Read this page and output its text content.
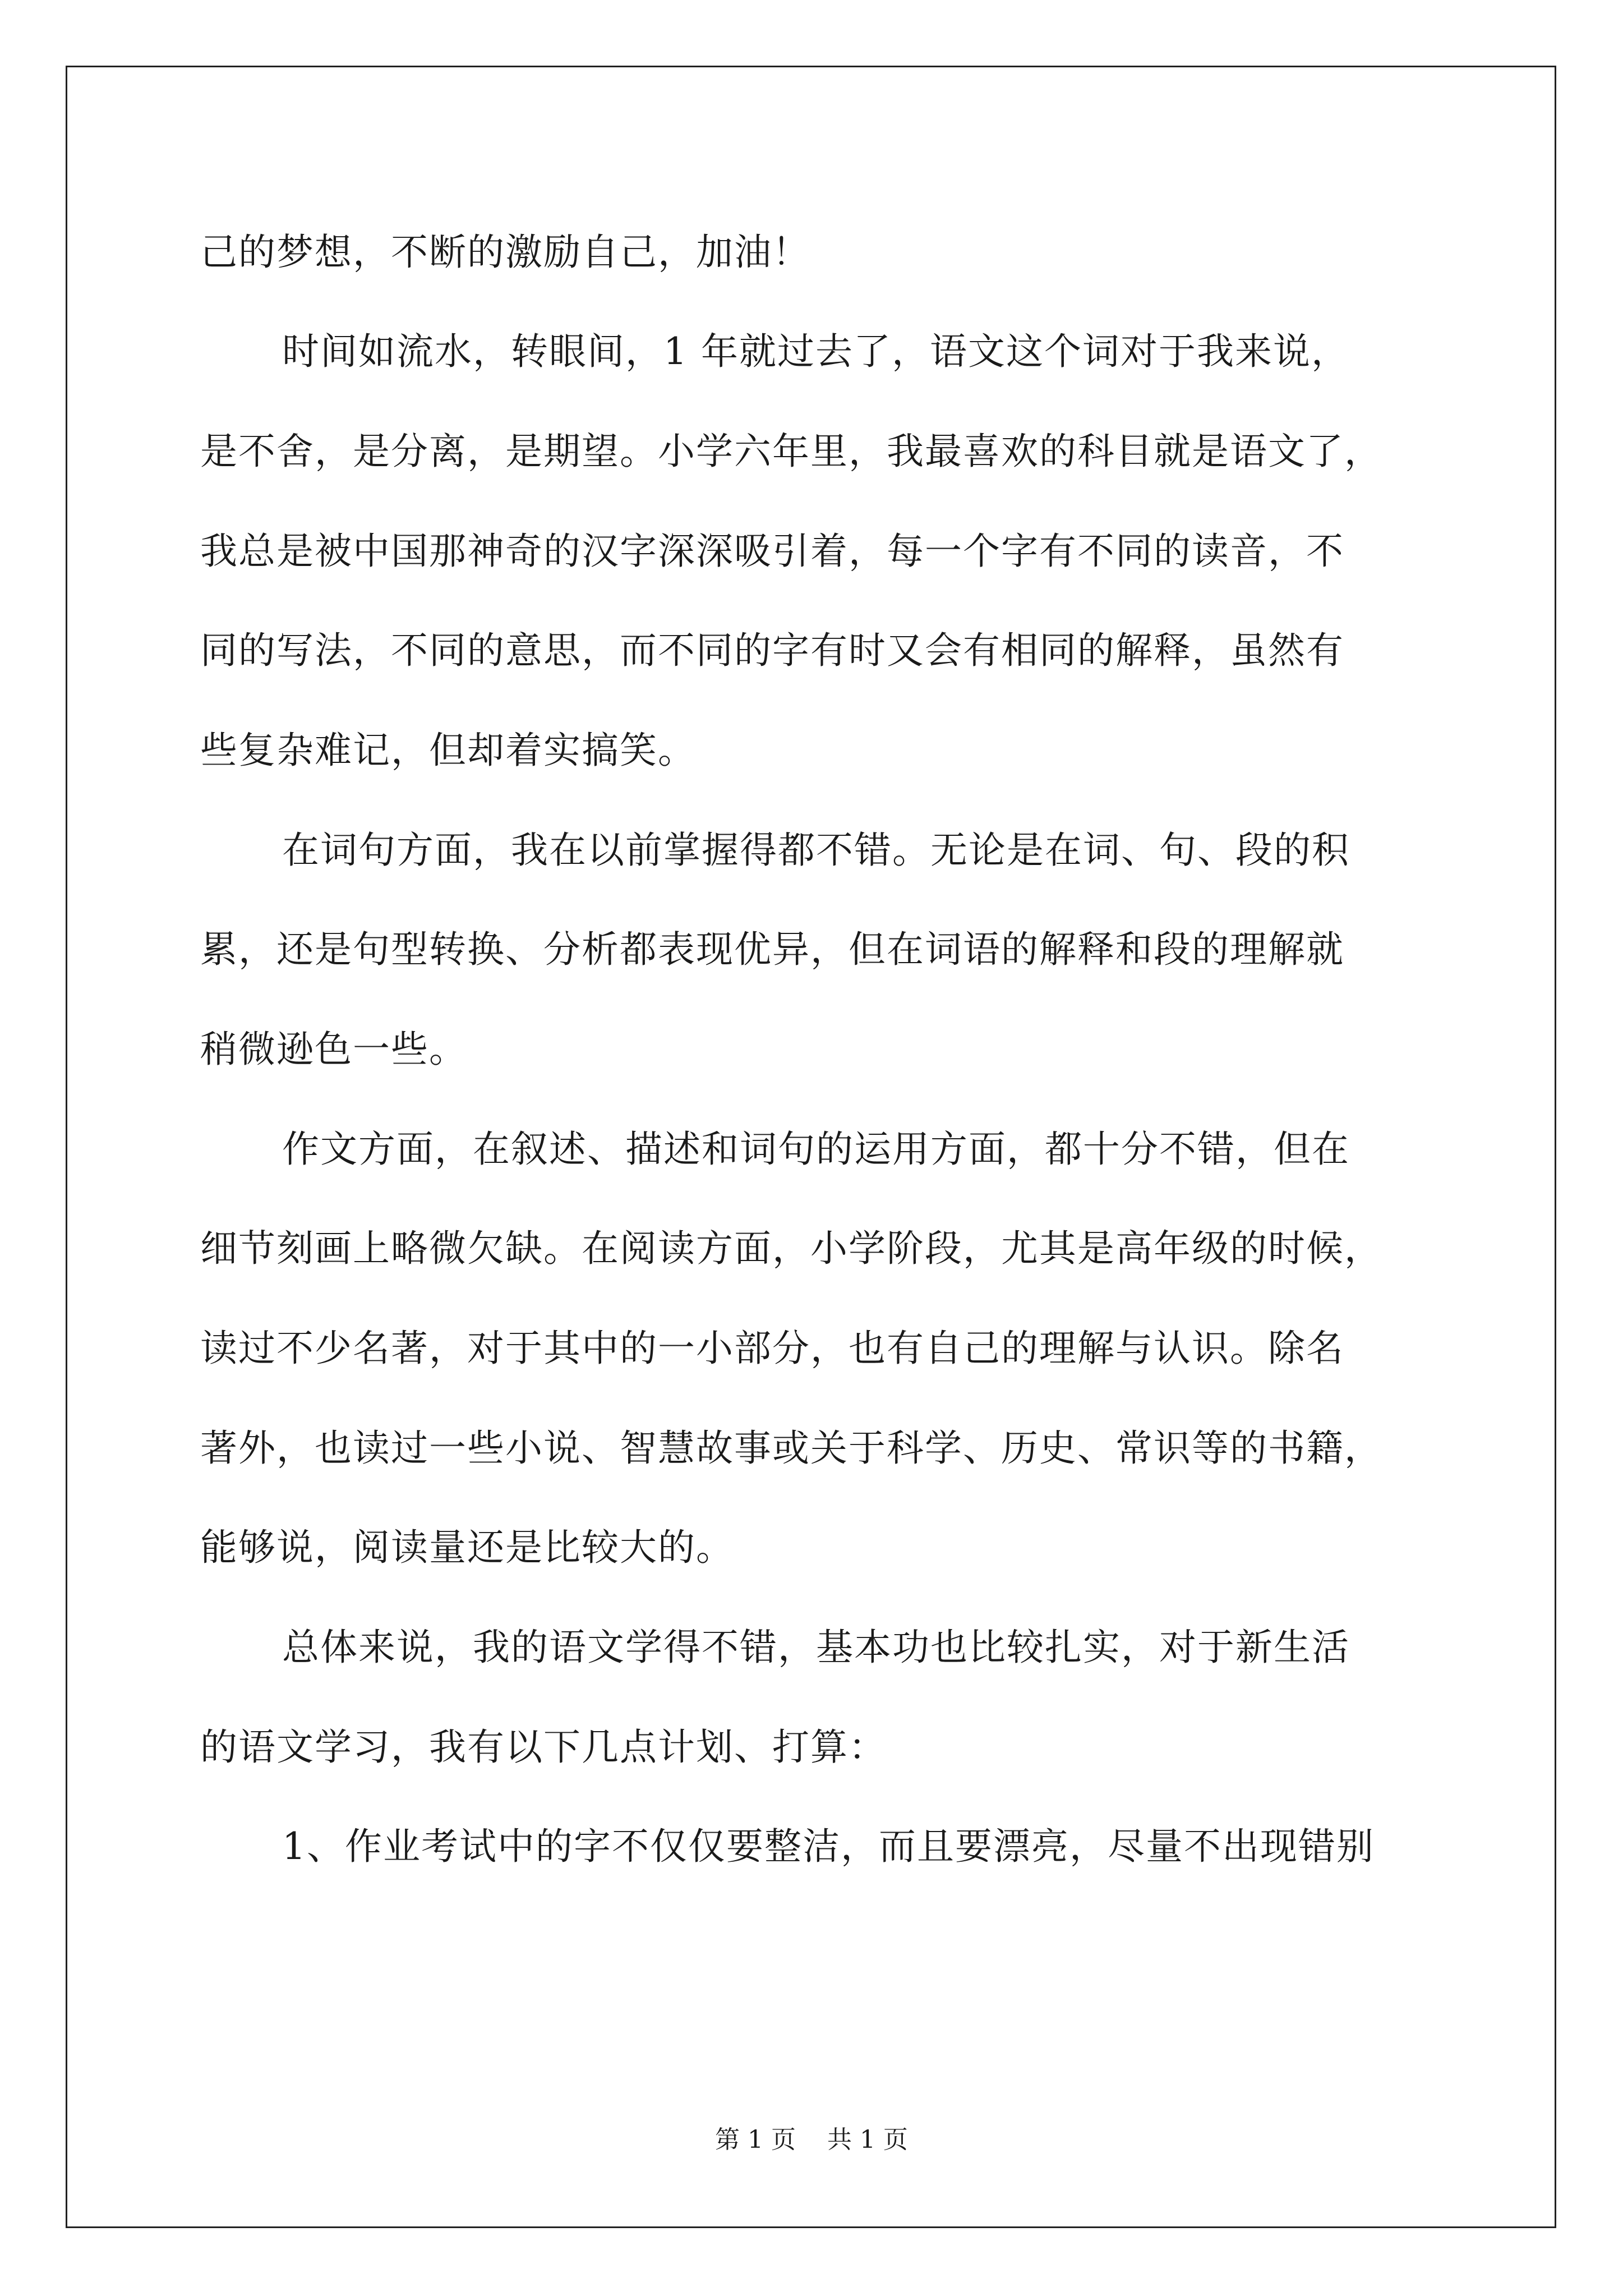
己的梦想，不断的激励自己，加油！

时间如流水，转眼间，1 年就过去了，语文这个词对于我来说，

是不舍，是分离，是期望。小学六年里，我最喜欢的科目就是语文了，

我总是被中国那神奇的汉字深深吸引着，每一个字有不同的读音，不

同的写法，不同的意思，而不同的字有时又会有相同的解释，虽然有

些复杂难记，但却着实搞笑。

在词句方面，我在以前掌握得都不错。无论是在词、句、段的积

累，还是句型转换、分析都表现优异，但在词语的解释和段的理解就

稍微逊色一些。

作文方面，在叙述、描述和词句的运用方面，都十分不错，但在

细节刻画上略微欠缺。在阅读方面，小学阶段，尤其是高年级的时候，

读过不少名著，对于其中的一小部分，也有自己的理解与认识。除名

著外，也读过一些小说、智慧故事或关于科学、历史、常识等的书籍，

能够说，阅读量还是比较大的。

总体来说，我的语文学得不错，基本功也比较扎实，对于新生活

的语文学习，我有以下几点计划、打算：

1、作业考试中的字不仅仅要整洁，而且要漂亮，尽量不出现错别

第 1 页    共 1 页
